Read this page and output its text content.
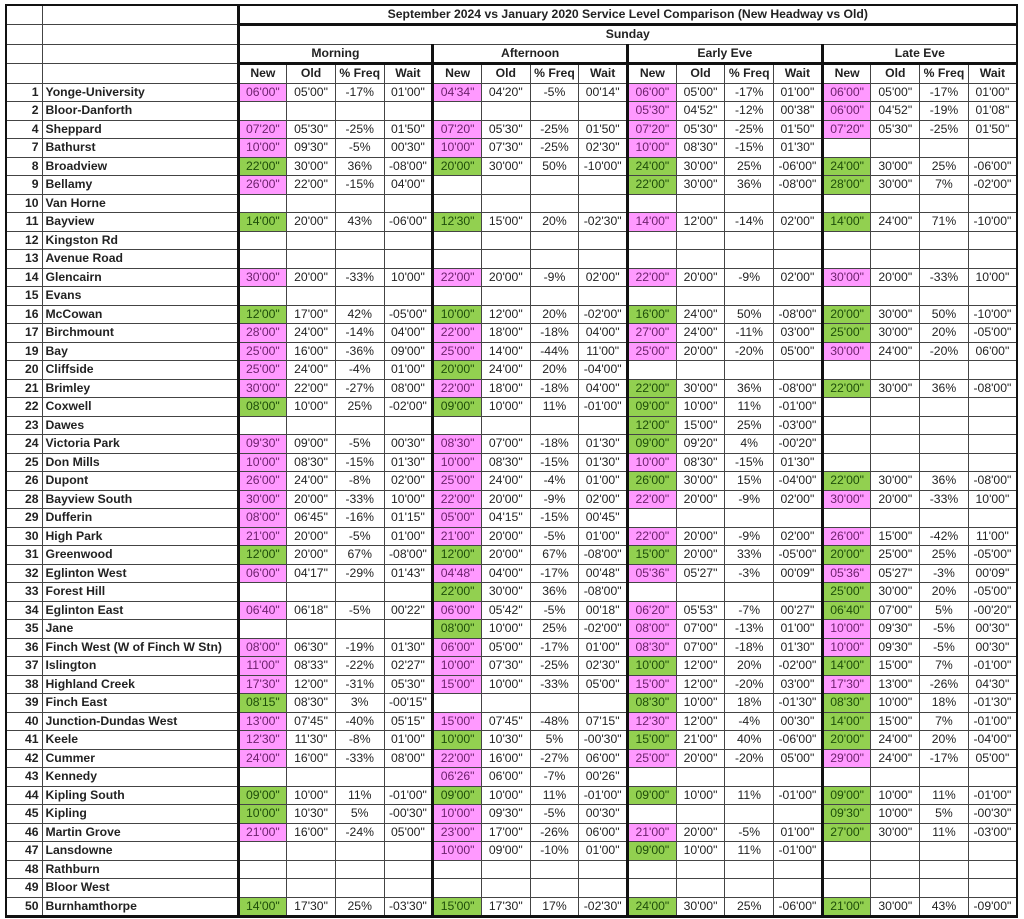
		September 2024 vs January 2020 Service Level Comparison (New Headway vs Old)															
		Sunday															
		Morning				Afternoon				Early Eve				Late Eve			
		New	Old	% Freq	Wait	New	Old	% Freq	Wait	New	Old	% Freq	Wait	New	Old	% Freq	Wait
1	Yonge-University	06'00"	05'00"	-17%	01'00"	04'34"	04'20"	-5%	00'14"	06'00"	05'00"	-17%	01'00"	06'00"	05'00"	-17%	01'00"
2	Bloor-Danforth									05'30"	04'52"	-12%	00'38"	06'00"	04'52"	-19%	01'08"
4	Sheppard	07'20"	05'30"	-25%	01'50"	07'20"	05'30"	-25%	01'50"	07'20"	05'30"	-25%	01'50"	07'20"	05'30"	-25%	01'50"
7	Bathurst	10'00"	09'30"	-5%	00'30"	10'00"	07'30"	-25%	02'30"	10'00"	08'30"	-15%	01'30"				
8	Broadview	22'00"	30'00"	36%	-08'00"	20'00"	30'00"	50%	-10'00"	24'00"	30'00"	25%	-06'00"	24'00"	30'00"	25%	-06'00"
9	Bellamy	26'00"	22'00"	-15%	04'00"					22'00"	30'00"	36%	-08'00"	28'00"	30'00"	7%	-02'00"
10	Van Horne																
11	Bayview	14'00"	20'00"	43%	-06'00"	12'30"	15'00"	20%	-02'30"	14'00"	12'00"	-14%	02'00"	14'00"	24'00"	71%	-10'00"
12	Kingston Rd																
13	Avenue Road																
14	Glencairn	30'00"	20'00"	-33%	10'00"	22'00"	20'00"	-9%	02'00"	22'00"	20'00"	-9%	02'00"	30'00"	20'00"	-33%	10'00"
15	Evans																
16	McCowan	12'00"	17'00"	42%	-05'00"	10'00"	12'00"	20%	-02'00"	16'00"	24'00"	50%	-08'00"	20'00"	30'00"	50%	-10'00"
17	Birchmount	28'00"	24'00"	-14%	04'00"	22'00"	18'00"	-18%	04'00"	27'00"	24'00"	-11%	03'00"	25'00"	30'00"	20%	-05'00"
19	Bay	25'00"	16'00"	-36%	09'00"	25'00"	14'00"	-44%	11'00"	25'00"	20'00"	-20%	05'00"	30'00"	24'00"	-20%	06'00"
20	Cliffside	25'00"	24'00"	-4%	01'00"	20'00"	24'00"	20%	-04'00"								
21	Brimley	30'00"	22'00"	-27%	08'00"	22'00"	18'00"	-18%	04'00"	22'00"	30'00"	36%	-08'00"	22'00"	30'00"	36%	-08'00"
22	Coxwell	08'00"	10'00"	25%	-02'00"	09'00"	10'00"	11%	-01'00"	09'00"	10'00"	11%	-01'00"				
23	Dawes									12'00"	15'00"	25%	-03'00"				
24	Victoria Park	09'30"	09'00"	-5%	00'30"	08'30"	07'00"	-18%	01'30"	09'00"	09'20"	4%	-00'20"				
25	Don Mills	10'00"	08'30"	-15%	01'30"	10'00"	08'30"	-15%	01'30"	10'00"	08'30"	-15%	01'30"				
26	Dupont	26'00"	24'00"	-8%	02'00"	25'00"	24'00"	-4%	01'00"	26'00"	30'00"	15%	-04'00"	22'00"	30'00"	36%	-08'00"
28	Bayview South	30'00"	20'00"	-33%	10'00"	22'00"	20'00"	-9%	02'00"	22'00"	20'00"	-9%	02'00"	30'00"	20'00"	-33%	10'00"
29	Dufferin	08'00"	06'45"	-16%	01'15"	05'00"	04'15"	-15%	00'45"								
30	High Park	21'00"	20'00"	-5%	01'00"	21'00"	20'00"	-5%	01'00"	22'00"	20'00"	-9%	02'00"	26'00"	15'00"	-42%	11'00"
31	Greenwood	12'00"	20'00"	67%	-08'00"	12'00"	20'00"	67%	-08'00"	15'00"	20'00"	33%	-05'00"	20'00"	25'00"	25%	-05'00"
32	Eglinton West	06'00"	04'17"	-29%	01'43"	04'48"	04'00"	-17%	00'48"	05'36"	05'27"	-3%	00'09"	05'36"	05'27"	-3%	00'09"
33	Forest Hill					22'00"	30'00"	36%	-08'00"					25'00"	30'00"	20%	-05'00"
34	Eglinton East	06'40"	06'18"	-5%	00'22"	06'00"	05'42"	-5%	00'18"	06'20"	05'53"	-7%	00'27"	06'40"	07'00"	5%	-00'20"
35	Jane					08'00"	10'00"	25%	-02'00"	08'00"	07'00"	-13%	01'00"	10'00"	09'30"	-5%	00'30"
36	Finch West (W of Finch W Stn)	08'00"	06'30"	-19%	01'30"	06'00"	05'00"	-17%	01'00"	08'30"	07'00"	-18%	01'30"	10'00"	09'30"	-5%	00'30"
37	Islington	11'00"	08'33"	-22%	02'27"	10'00"	07'30"	-25%	02'30"	10'00"	12'00"	20%	-02'00"	14'00"	15'00"	7%	-01'00"
38	Highland Creek	17'30"	12'00"	-31%	05'30"	15'00"	10'00"	-33%	05'00"	15'00"	12'00"	-20%	03'00"	17'30"	13'00"	-26%	04'30"
39	Finch East	08'15"	08'30"	3%	-00'15"					08'30"	10'00"	18%	-01'30"	08'30"	10'00"	18%	-01'30"
40	Junction-Dundas West	13'00"	07'45"	-40%	05'15"	15'00"	07'45"	-48%	07'15"	12'30"	12'00"	-4%	00'30"	14'00"	15'00"	7%	-01'00"
41	Keele	12'30"	11'30"	-8%	01'00"	10'00"	10'30"	5%	-00'30"	15'00"	21'00"	40%	-06'00"	20'00"	24'00"	20%	-04'00"
42	Cummer	24'00"	16'00"	-33%	08'00"	22'00"	16'00"	-27%	06'00"	25'00"	20'00"	-20%	05'00"	29'00"	24'00"	-17%	05'00"
43	Kennedy					06'26"	06'00"	-7%	00'26"								
44	Kipling South	09'00"	10'00"	11%	-01'00"	09'00"	10'00"	11%	-01'00"	09'00"	10'00"	11%	-01'00"	09'00"	10'00"	11%	-01'00"
45	Kipling	10'00"	10'30"	5%	-00'30"	10'00"	09'30"	-5%	00'30"					09'30"	10'00"	5%	-00'30"
46	Martin Grove	21'00"	16'00"	-24%	05'00"	23'00"	17'00"	-26%	06'00"	21'00"	20'00"	-5%	01'00"	27'00"	30'00"	11%	-03'00"
47	Lansdowne					10'00"	09'00"	-10%	01'00"	09'00"	10'00"	11%	-01'00"				
48	Rathburn																
49	Bloor West																
50	Burnhamthorpe	14'00"	17'30"	25%	-03'30"	15'00"	17'30"	17%	-02'30"	24'00"	30'00"	25%	-06'00"	21'00"	30'00"	43%	-09'00"
